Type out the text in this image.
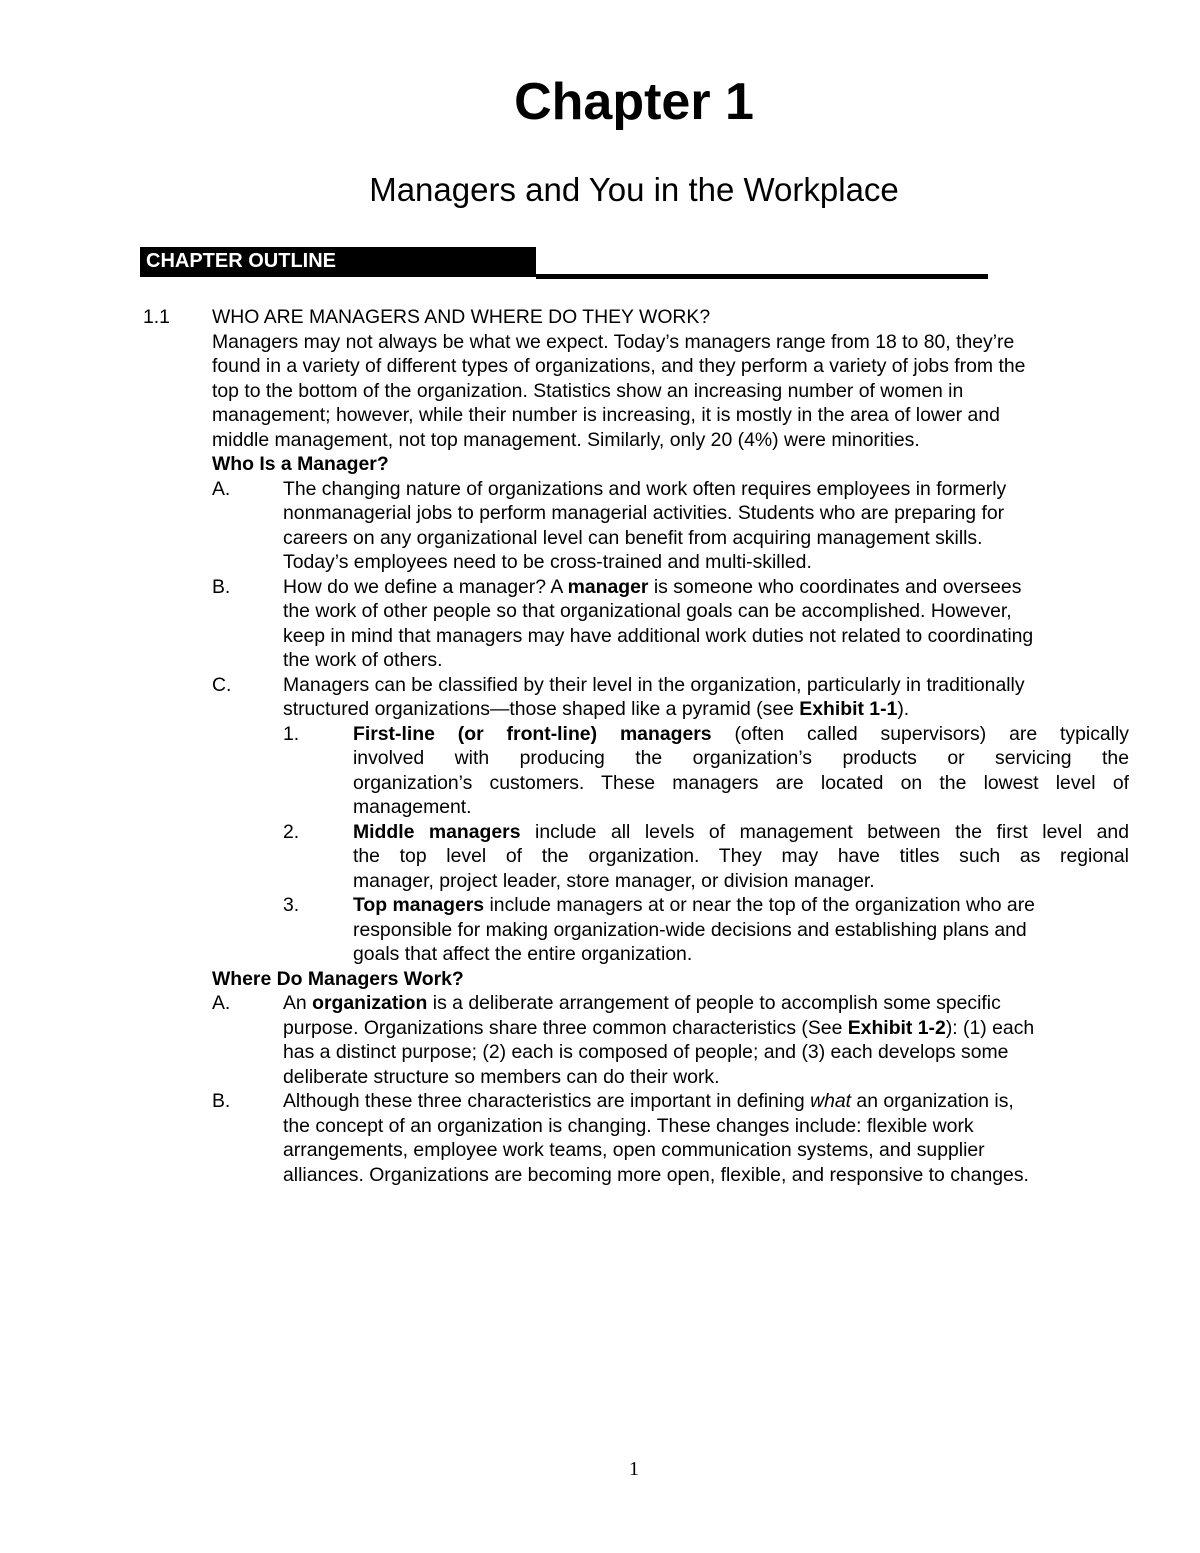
Chapter 1
Managers and You in the Workplace
CHAPTER OUTLINE
1.1 WHO ARE MANAGERS AND WHERE DO THEY WORK?
Managers may not always be what we expect. Today’s managers range from 18 to 80, they’re
found in a variety of different types of organizations, and they perform a variety of jobs from the
top to the bottom of the organization. Statistics show an increasing number of women in
management; however, while their number is increasing, it is mostly in the area of lower and
middle management, not top management. Similarly, only 20 (4%) were minorities.
Who Is a Manager?
A.	The changing nature of organizations and work often requires employees in formerly
nonmanagerial jobs to perform managerial activities. Students who are preparing for
careers on any organizational level can benefit from acquiring management skills.
Today’s employees need to be cross-trained and multi-skilled.
B.	How do we define a manager? A manager is someone who coordinates and oversees
the work of other people so that organizational goals can be accomplished. However,
keep in mind that managers may have additional work duties not related to coordinating
the work of others.
C.	Managers can be classified by their level in the organization, particularly in traditionally
structured organizations—those shaped like a pyramid (see Exhibit 1-1).
1.	First-line (or front-line) managers (often called supervisors) are typically
involved with producing the organization’s products or servicing the
organization’s customers. These managers are located on the lowest level of
management.
2.	Middle managers include all levels of management between the first level and
the top level of the organization. They may have titles such as regional
manager, project leader, store manager, or division manager.
3.	Top managers include managers at or near the top of the organization who are
responsible for making organization-wide decisions and establishing plans and
goals that affect the entire organization.
Where Do Managers Work?
A.	An organization is a deliberate arrangement of people to accomplish some specific
purpose. Organizations share three common characteristics (See Exhibit 1-2): (1) each
has a distinct purpose; (2) each is composed of people; and (3) each develops some
deliberate structure so members can do their work.
B.	Although these three characteristics are important in defining what an organization is,
the concept of an organization is changing. These changes include: flexible work
arrangements, employee work teams, open communication systems, and supplier
alliances. Organizations are becoming more open, flexible, and responsive to changes.
1
